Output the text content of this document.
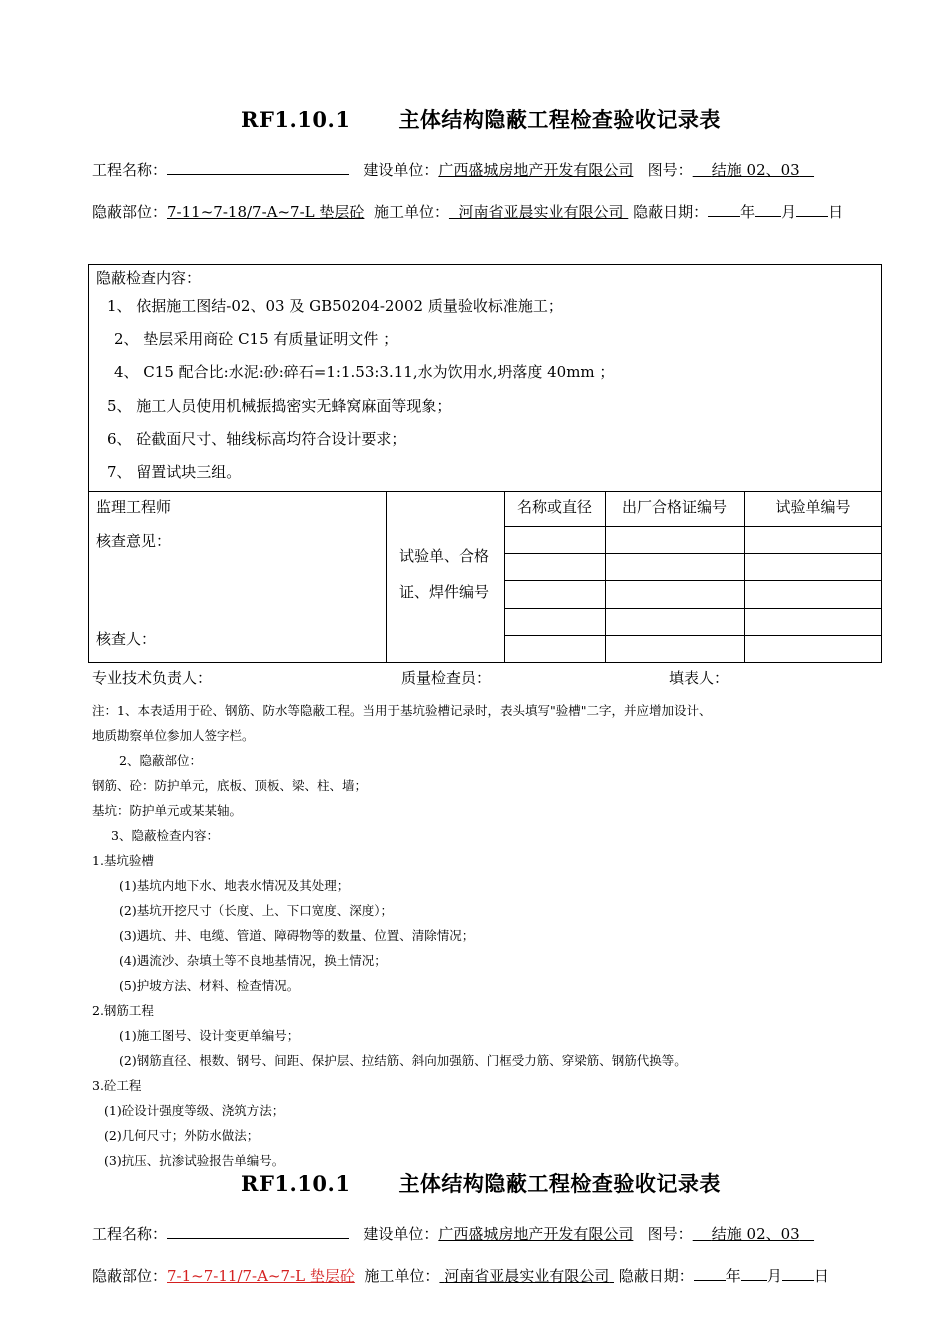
RF1.10.1 主体结构隐蔽工程检查验收记录表
工程名称：	建设单位：广西盛城房地产开发有限公司 图号： 结施 02、03
隐蔽部位：7-11~7-18/7-A~7-L 垫层砼 施工单位： 河南省亚晨实业有限公司 隐蔽日期： 年 月 日
隐蔽检查内容：
1、 依据施工图结-02、03 及 GB50204-2002 质量验收标准施工；
2、 垫层采用商砼 C15 有质量证明文件 ；
4、 C15 配合比:水泥:砂:碎石=1:1.53:3.11,水为饮用水,坍落度 40mm ；
5、 施工人员使用机械振捣密实无蜂窝麻面等现象；
6、 砼截面尺寸、轴线标高均符合设计要求；
7、 留置试块三组。
监理工程师
核查意见：
核查人：
试验单、合格
证、焊件编号
名称或直径	出厂合格证编号	试验单编号
专业技术负责人：	质量检查员：	填表人：
注：1、本表适用于砼、钢筋、防水等隐蔽工程。当用于基坑验槽记录时，表头填写"验槽"二字，并应增加设计、
地质勘察单位参加人签字栏。
2、隐蔽部位：
钢筋、砼：防护单元，底板、顶板、梁、柱、墙；
基坑：防护单元或某某轴。
3、隐蔽检查内容：
1.基坑验槽
(1)基坑内地下水、地表水情况及其处理；
(2)基坑开挖尺寸（长度、上、下口宽度、深度）；
(3)遇坑、井、电缆、管道、障碍物等的数量、位置、清除情况；
(4)遇流沙、杂填土等不良地基情况，换土情况；
(5)护坡方法、材料、检查情况。
2.钢筋工程
(1)施工图号、设计变更单编号；
(2)钢筋直径、根数、钢号、间距、保护层、拉结筋、斜向加强筋、门框受力筋、穿梁筋、钢筋代换等。
3.砼工程
(1)砼设计强度等级、浇筑方法；
(2)几何尺寸；外防水做法；
(3)抗压、抗渗试验报告单编号。
RF1.10.1 主体结构隐蔽工程检查验收记录表
工程名称：	建设单位：广西盛城房地产开发有限公司 图号： 结施 02、03
隐蔽部位：7-1~7-11/7-A~7-L 垫层砼 施工单位： 河南省亚晨实业有限公司 隐蔽日期： 年 月 日
